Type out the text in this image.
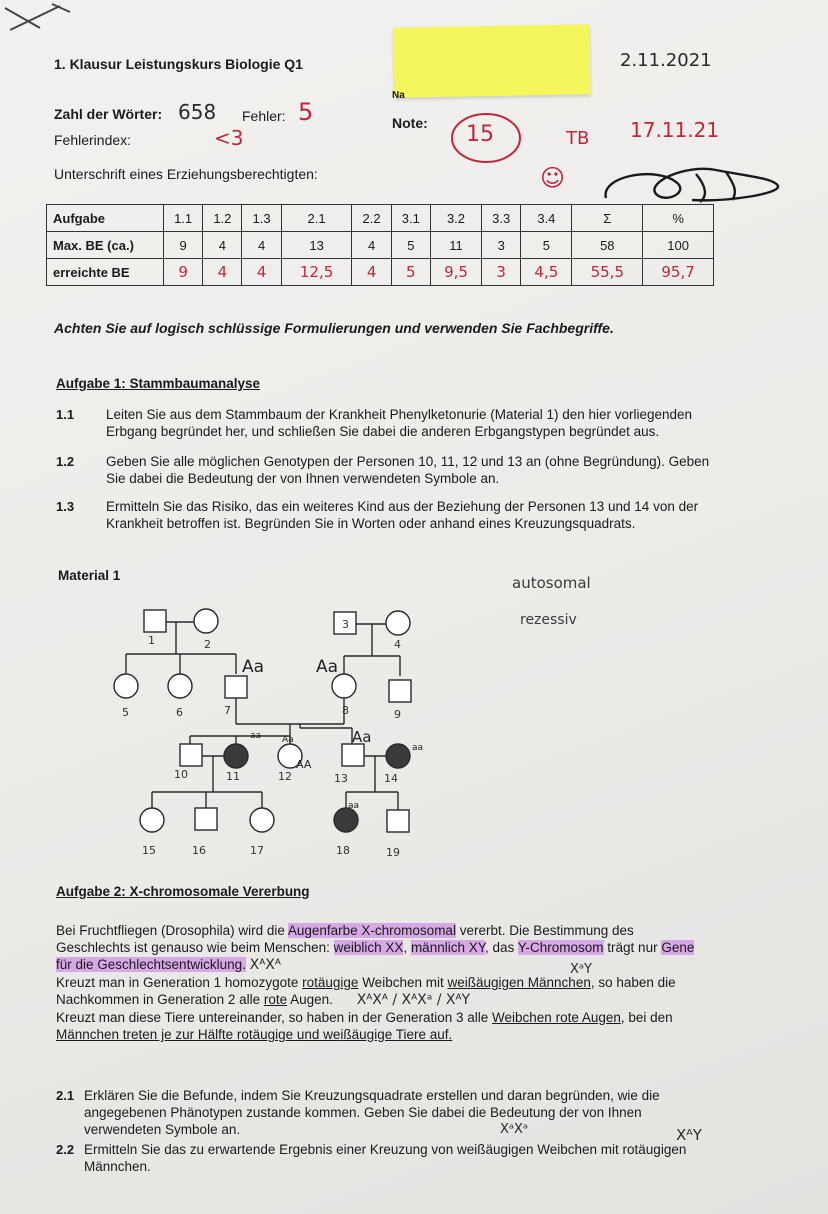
1. Klausur Leistungskurs Biologie Q1
Na
2.11.2021
Zahl der Wörter: 658 Fehler: 5	Note: 15	TB 17.11.21
☺
Fehlerindex:	<3
Unterschrift eines Erziehungsberechtigten:
Aufgabe	1.1	1.2	1.3	2.1	2.2	3.1	3.2	3.3	3.4	Σ	%
Max. BE (ca.)	9	4	4	13	4	5	11	3	5	58	100
erreichte BE	9	4	4	12,5	4	5	9,5	3	4,5	55,5	95,7
Achten Sie auf logisch schlüssige Formulierungen und verwenden Sie Fachbegriffe.
Aufgabe 1: Stammbaumanalyse
1.1 Leiten Sie aus dem Stammbaum der Krankheit Phenylketonurie (Material 1) den hier vorliegenden
Erbgang begründet her, und schließen Sie dabei die anderen Erbgangstypen begründet aus.
1.2 Geben Sie alle möglichen Genotypen der Personen 10, 11, 12 und 13 an (ohne Begründung). Geben
Sie dabei die Bedeutung der von Ihnen verwendeten Symbole an.
1.3 Ermitteln Sie das Risiko, das ein weiteres Kind aus der Beziehung der Personen 13 und 14 von der
Krankheit betroffen ist. Begründen Sie in Worten oder anhand eines Kreuzungsquadrats.
Material 1	autosomal
rezessiv
1	2
3
4
5	6	7	8	9
10	11	12	13	14
15	16	17	18	19
Aa	Aa
aa Aa
AA
Aa
aa
aa
Aufgabe 2: X-chromosomale Vererbung
Bei Fruchtfliegen (Drosophila) wird die Augenfarbe X-chromosomal vererbt. Die Bestimmung des
Geschlechts ist genauso wie beim Menschen: weiblich XX, männlich XY, das Y-Chromosom trägt nur Gene
für die Geschlechtsentwicklung. XᴬXᴬ
Kreuzt man in Generation 1 homozygote rotäugige Weibchen mit weißäugigen Männchen, so haben die
Nachkommen in Generation 2 alle rote Augen. XᴬXᴬ / XᴬXᵃ / XᴬY
Kreuzt man diese Tiere untereinander, so haben in der Generation 3 alle Weibchen rote Augen, bei den
Männchen treten je zur Hälfte rotäugige und weißäugige Tiere auf.
XᵃY
2.1 Erklären Sie die Befunde, indem Sie Kreuzungsquadrate erstellen und daran begründen, wie die
angegebenen Phänotypen zustande kommen. Geben Sie dabei die Bedeutung der von Ihnen
verwendeten Symbole an.	XᵃXᵃ	XᴬY
2.2 Ermitteln Sie das zu erwartende Ergebnis einer Kreuzung von weißäugigen Weibchen mit rotäugigen
Männchen.
